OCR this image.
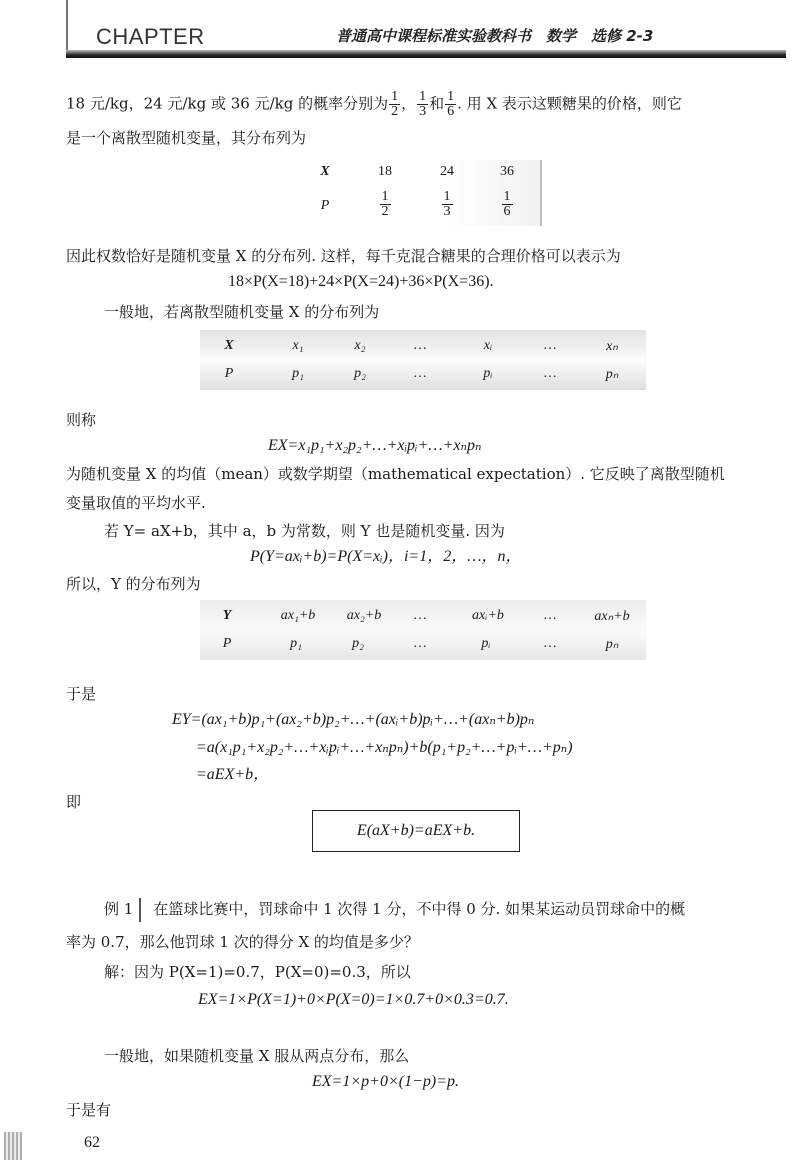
CHAPTER	普通高中课程标准实验教科书　数学　选修 2-3
18 元/kg，24 元/kg 或 36 元/kg 的概率分别为 $\frac{1}{2}$ ， $\frac{1}{3}$ 和 $\frac{1}{6}$ . 用 X 表示这颗糖果的价格，则它
是一个离散型随机变量，其分布列为
X	18	24	36
P	$\frac{1}{2}$	$\frac{1}{3}$	$\frac{1}{6}$
因此权数恰好是随机变量 X 的分布列. 这样，每千克混合糖果的合理价格可以表示为
18×P(X=18)+24×P(X=24)+36×P(X=36).
一般地，若离散型随机变量 X 的分布列为
X	x₁	x₂	…	xᵢ	…	xₙ
P	p₁	p₂	…	pᵢ	…	pₙ
则称
EX=x₁p₁+x₂p₂+…+xᵢpᵢ+…+xₙpₙ
为随机变量 X 的均值（mean）或数学期望（mathematical expectation）. 它反映了离散型随机
变量取值的平均水平.
若 Y= aX+b，其中 a，b 为常数，则 Y 也是随机变量. 因为
P(Y=axᵢ+b)=P(X=xᵢ)，i=1，2，…，n，
所以，Y 的分布列为
Y	ax₁+b	ax₂+b	…	axᵢ+b	…	axₙ+b
P	p₁	p₂	…	pᵢ	…	pₙ
于是
EY=(ax₁+b)p₁+(ax₂+b)p₂+…+(axᵢ+b)pᵢ+…+(axₙ+b)pₙ
=a(x₁p₁+x₂p₂+…+xᵢpᵢ+…+xₙpₙ)+b(p₁+p₂+…+pᵢ+…+pₙ)
=aEX+b，
即
E(aX+b)=aEX+b.
例 1 在篮球比赛中，罚球命中 1 次得 1 分，不中得 0 分. 如果某运动员罚球命中的概
率为 0.7，那么他罚球 1 次的得分 X 的均值是多少？
解：因为 P(X=1)=0.7，P(X=0)=0.3，所以
EX=1×P(X=1)+0×P(X=0)=1×0.7+0×0.3=0.7.
一般地，如果随机变量 X 服从两点分布，那么
EX=1×p+0×(1−p)=p.
于是有
62
